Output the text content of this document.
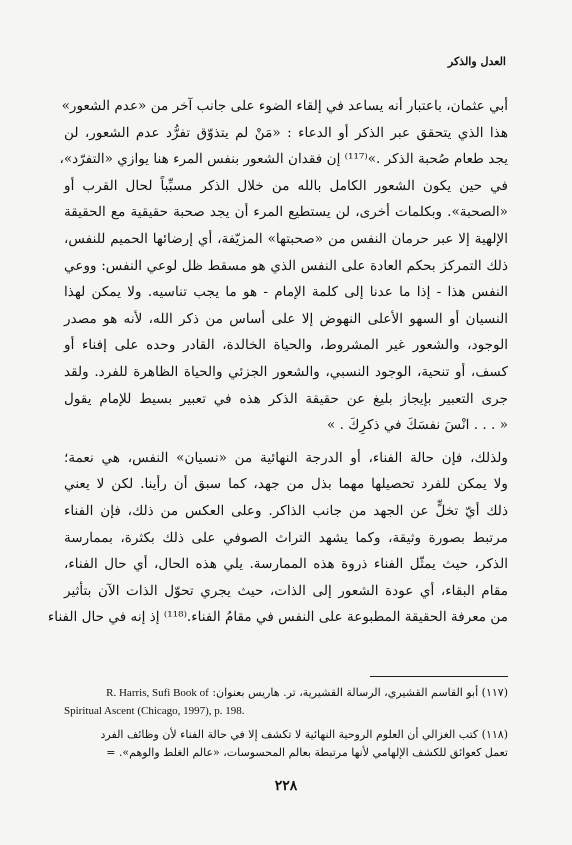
العدل والذكر

أبي عثمان، باعتبار أنه يساعد في إلقاء الضوء على جانب آخر من «عدم الشعور»
هذا الذي يتحقق عبر الذكر أو الدعاء : «مَنْ لم يتذوّق تفرُّد عدم الشعور، لن
يجد طعام صُحبة الذكر .»⁽¹¹⁷⁾ إن فقدان الشعور بنفس المرء هنا يوازي «التفرّد»،
في حين يكون الشعور الكامل بالله من خلال الذكر مسبِّباً لحال القرب أو
«الصحبة». وبكلمات أخرى، لن يستطيع المرء أن يجد صحبة حقيقية مع الحقيقة
الإلهية إلا عبر حرمان النفس من «صحبتها» المزيّفة، أي إرضائها الحميم للنفس،
ذلك التمركز بحكم العادة على النفس الذي هو مسقط ظل لوعي النفس: ووعي
النفس هذا - إذا ما عدنا إلى كلمة الإمام - هو ما يجب تناسيه. ولا يمكن لهذا
النسيان أو السهو الأعلى النهوض إلا على أساس من ذكر الله، لأنه هو مصدر
الوجود، والشعور غير المشروط، والحياة الخالدة، القادر وحده على إفناء أو
كسف، أو تنحية، الوجود النسبي، والشعور الجزئي والحياة الظاهرة للفرد. ولقد
جرى التعبير بإيجاز بليغ عن حقيقة الذكر هذه في تعبير بسيط للإمام يقول
« . . . انْسَ نفسَكَ في ذكرِكَ . »

ولذلك، فإن حالة الفناء، أو الدرجة النهائية من «نسيان» النفس، هي نعمة؛
ولا يمكن للفرد تحصيلها مهما بذل من جهد، كما سبق أن رأينا. لكن لا يعني
ذلك أيّ تخلٍّ عن الجهد من جانب الذاكر. وعلى العكس من ذلك، فإن الفناء
مرتبط بصورة وثيقة، وكما يشهد التراث الصوفي على ذلك بكثرة، بممارسة
الذكر، حيث يمثّل الفناء ذروة هذه الممارسة. يلي هذه الحال، أي حال الفناء،
مقام البقاء، أي عودة الشعور إلى الذات، حيث يجري تحوّل الذات الآن بتأثير
من معرفة الحقيقة المطبوعة على النفس في مقامُ الفناء.⁽¹¹⁸⁾ إذ إنه في حال الفناء

(١١٧) أبو القاسم القشيري، الرسالة القشيرية، تر. هاريس بعنوان: R. Harris, Sufi Book of
Spiritual Ascent (Chicago, 1997), p. 198.
(١١٨) كتب الغزالي أن العلوم الروحية النهائية لا تكشف إلا في حالة الفناء لأن وظائف الفرد
تعمل كعوائق للكشف الإلهامي لأنها مرتبطة بعالم المحسوسات، «عالم الغلط والوهم». =
٢٢٨
